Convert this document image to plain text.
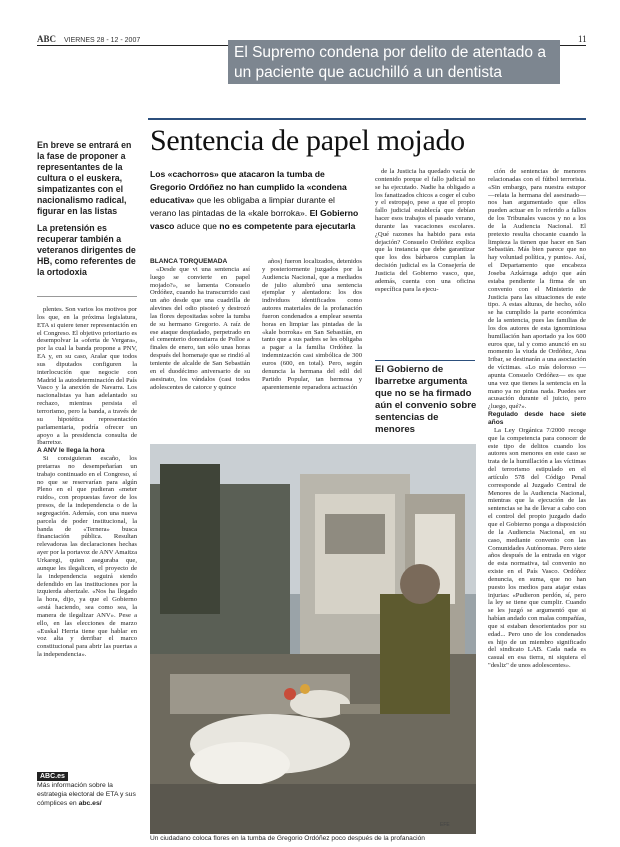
ABC VIERNES 28 - 12 - 2007	11
El Supremo condena por delito de atentado a un paciente que acuchilló a un dentista

En breve se entrará en la fase de proponer a representantes de la cultura o el euskera, simpatizantes con el nacionalismo radical, figurar en las listas

La pretensión es recuperar también a veteranos dirigentes de HB, como referentes de la ortodoxia

plentes. Son varios los motivos por los que, en la próxima legislatura, ETA si quiere tener representación en el Congreso. El objetivo prioritario es desempolvar la «oferta de Vergara», por la cual la banda propone a PNV, EA y, en su caso, Aralar que todos sus diputados configuren la interlocución que negocie con Madrid la autodeterminación del País Vasco y la anexión de Navarra. Los nacionalistas ya han adelantado su rechazo, mientras persista el terrorismo, pero la banda, a través de su hipotética representación parlamentaria, podría ofrecer un apoyo a la presidencia consulta de Ibarretxe.

A ANV le llega la hora

Si consiguieran escaño, los pretarras no desempeñarían un trabajo continuado en el Congreso, sí no que se reservarían para algún Pleno en el que pudieran «meter ruido», con propuestas favor de los presos, de la independencia o de la segregación. Además, con una nueva parcela de poder institucional, la banda de «Ternera» busca financiación pública. Resultan relevadoras las declaraciones hechas ayer por la portavoz de ANV Amaitza Urkaregi, quien aseguraba que, aunque les ilegalicen, el proyecto de la independencia seguirá siendo defendido en las instituciones por la izquierda abertzale. «Nos ha llegado la hora, dijo, ya que el Gobierno «está haciendo, sea como sea, la manera de ilegalizar ANV». Pese a ello, en las elecciones de marzo «Euskal Herria tiene que hablar en voz alta y derribar el marco constitucional para abrir las puertas a la independencia».

ABC.es
Más información sobre la estrategia electoral de ETA y sus cómplices en abc.es/
Sentencia de papel mojado
Los «cachorros» que atacaron la tumba de Gregorio Ordóñez no han cumplido la «condena educativa» que les obligaba a limpiar durante el verano las pintadas de la «kale borroka». El Gobierno vasco aduce que no es competente para ejecutarla

BLANCA TORQUEMADA

«Desde que vi una sentencia así luego se convierte en papel mojado?», se lamenta Consuelo Ordóñez, cuando ha transcurrido casi un año desde que una cuadrilla de alevines del odio pisoteó y destrozó las flores depositadas sobre la tumba de su hermano Gregorio. A raíz de ese ataque despiadado, perpetrado en el cementerio donostiarra de Polloe a finales de enero, tan sólo unas horas después del homenaje que se rindió al teniente de alcalde de San Sebastián en el duodécimo aniversario de su asesinato, los vándalos (casi todos adolescentes de catorce y quince

años) fueron localizados, detenidos y posteriormente juzgados por la Audiencia Nacional, que a mediados de julio alumbró una sentencia ejemplar y alentadora: los dos individuos identificados como autores materiales de la profanación fueron condenados a emplear sesenta horas en limpiar las pintadas de la «kale borroka» en San Sebastián, en tanto que a sus padres se les obligaba a pagar a la familia Ordóñez la indemnización casi simbólica de 300 euros (600, en total). Pero, según denuncia la hermana del edil del Partido Popular, tan hermosa y aparentemente reparadora actuación

de la Justicia ha quedado vacía de contenido porque el fallo judicial no se ha ejecutado. Nadie ha obligado a los fanatizados chicos a coger el cubo y el estropajo, pese a que el propio fallo judicial establecía que debían hacer esos trabajos el pasado verano, durante las vacaciones escolares. ¿Qué razones ha habido para esta dejación? Consuelo Ordóñez explica que la instancia que debe garantizar que los dos bárbaros cumplan la decisión judicial es la Consejería de Justicia del Gobierno vasco, que, además, cuenta con una oficina específica para la ejecu-

El Gobierno de Ibarretxe argumenta que no se ha firmado aún el convenio sobre sentencias de menores

ción de sentencias de menores relacionadas con el fútbol terrorista. «Sin embargo, para nuestra estupor —relata la hermana del asesinado— nos han argumentado que ellos pueden actuar en lo referido a fallos de los Tribunales vascos y no a los de la Audiencia Nacional. El pretexto resulta chocante cuando la limpieza la tienen que hacer en San Sebastián. Más bien parece que no hay voluntad política, y punto». Así, el Departamento que encabeza Joseba Azkárraga adujo que aún estaba pendiente la firma de un convenio con el Ministerio de Justicia para las situaciones de este tipo. A estas alturas, de hecho, sólo se ha cumplido la parte económica de la sentencia, pues las familias de los dos autores de esta ignominiosa humillación han aportado ya los 600 euros que, tal y como anunció en su momento la viuda de Ordóñez, Ana Iribar, se destinarán a una asociación de víctimas. «Lo más doloroso —apunta Consuelo Ordóñez— es que una vez que tienes la sentencia en la mano ya no pintas nada. Puedes ser acusación durante el juicio, pero ¿luego, qué?».

Regulado desde hace siete años

La Ley Orgánica 7/2000 recoge que la competencia para conocer de este tipo de delitos cuando los autores son menores en este caso se trata de la humillación a las víctimas del terrorismo estipulado en el artículo 578 del Código Penal corresponde al Juzgado Central de Menores de la Audiencia Nacional, mientras que la ejecución de las sentencias se ha de llevar a cabo con el control del propio juzgado dado que el Gobierno ponga a disposición de la Audiencia Nacional, en su caso, mediante convenio con las Comunidades Autónomas. Pero siete años después de la entrada en vigor de esta normativa, tal convenio no existe en el País Vasco. Ordóñez denuncia, en suma, que no han puesto los medios para atajar estas injurias: «Pudieron perdón, sí, pero la ley se tiene que cumplir. Cuando se les juzgó se argumentó que si habían andado con malas compañías, que si estaban desorientados por su edad... Pero uno de los condenados es hijo de un miembro significado del sindicato LAB. Cada nada es casual en esa tierra, ni siquiera el "desliz" de unos adolescentes».

EFE
Un ciudadano coloca flores en la tumba de Gregorio Ordóñez poco después de la profanación
